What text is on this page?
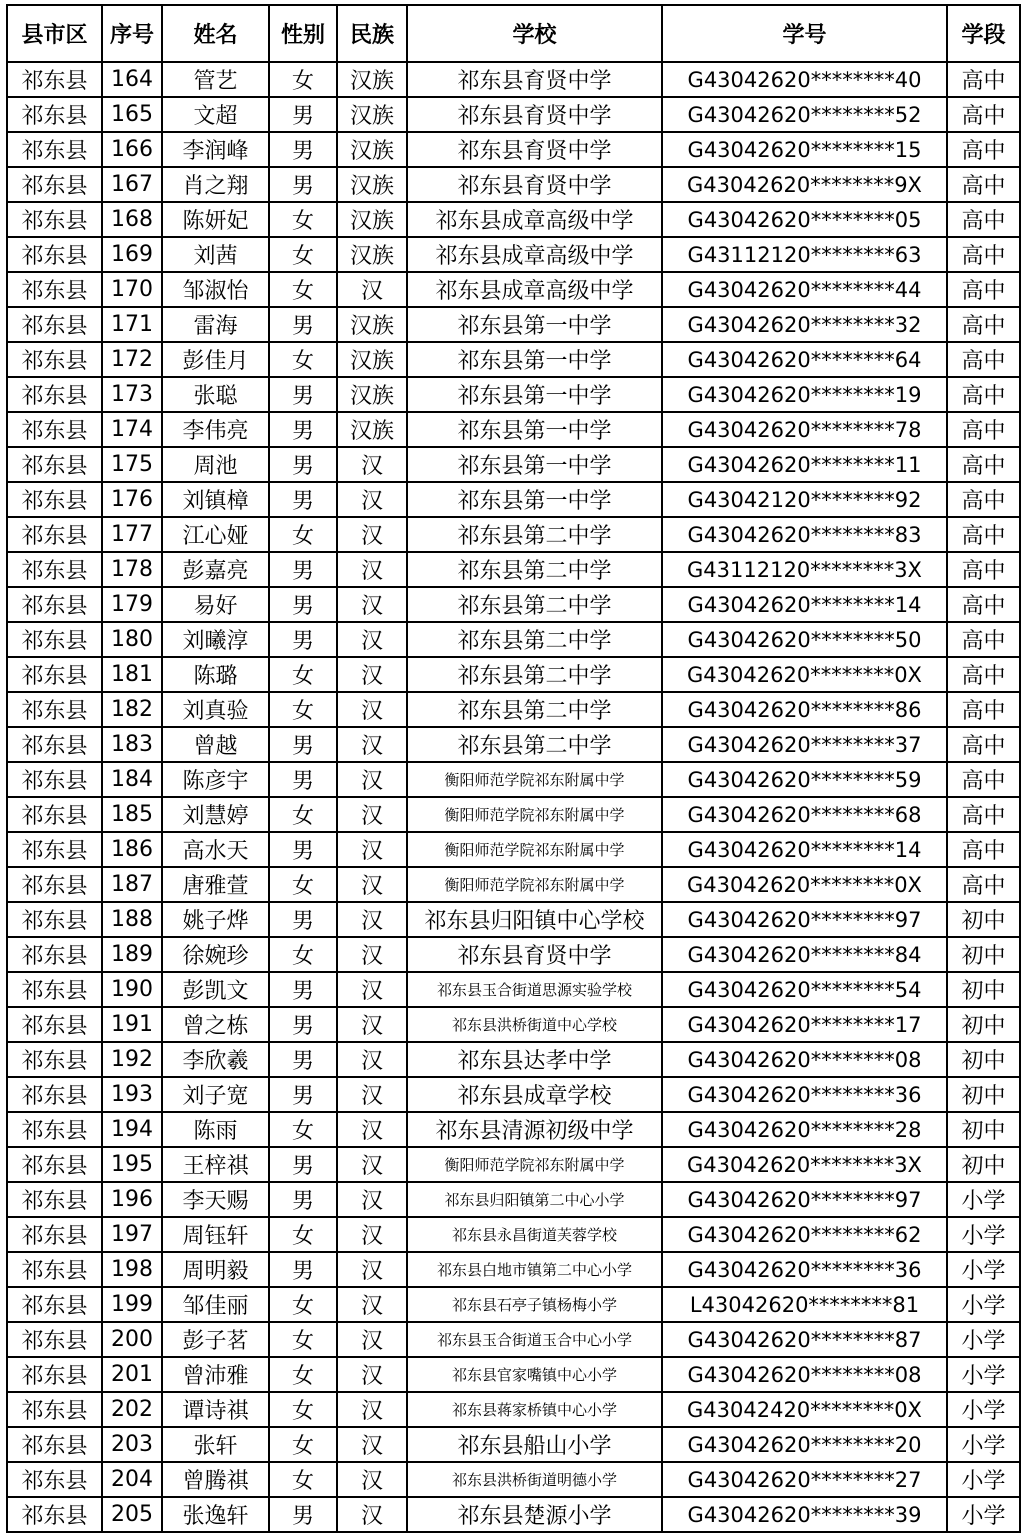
县市区	序号	姓名	性别	民族	学校	学号	学段
祁东县	164	管艺	女	汉族	祁东县育贤中学	G43042620********40	高中
祁东县	165	文超	男	汉族	祁东县育贤中学	G43042620********52	高中
祁东县	166	李润峰	男	汉族	祁东县育贤中学	G43042620********15	高中
祁东县	167	肖之翔	男	汉族	祁东县育贤中学	G43042620********9X	高中
祁东县	168	陈妍妃	女	汉族	祁东县成章高级中学	G43042620********05	高中
祁东县	169	刘茜	女	汉族	祁东县成章高级中学	G43112120********63	高中
祁东县	170	邹淑怡	女	汉	祁东县成章高级中学	G43042620********44	高中
祁东县	171	雷海	男	汉族	祁东县第一中学	G43042620********32	高中
祁东县	172	彭佳月	女	汉族	祁东县第一中学	G43042620********64	高中
祁东县	173	张聪	男	汉族	祁东县第一中学	G43042620********19	高中
祁东县	174	李伟亮	男	汉族	祁东县第一中学	G43042620********78	高中
祁东县	175	周池	男	汉	祁东县第一中学	G43042620********11	高中
祁东县	176	刘镇樟	男	汉	祁东县第一中学	G43042120********92	高中
祁东县	177	江心娅	女	汉	祁东县第二中学	G43042620********83	高中
祁东县	178	彭嘉亮	男	汉	祁东县第二中学	G43112120********3X	高中
祁东县	179	易好	男	汉	祁东县第二中学	G43042620********14	高中
祁东县	180	刘曦淳	男	汉	祁东县第二中学	G43042620********50	高中
祁东县	181	陈璐	女	汉	祁东县第二中学	G43042620********0X	高中
祁东县	182	刘真验	女	汉	祁东县第二中学	G43042620********86	高中
祁东县	183	曾越	男	汉	祁东县第二中学	G43042620********37	高中
祁东县	184	陈彦宇	男	汉	衡阳师范学院祁东附属中学	G43042620********59	高中
祁东县	185	刘慧婷	女	汉	衡阳师范学院祁东附属中学	G43042620********68	高中
祁东县	186	高水天	男	汉	衡阳师范学院祁东附属中学	G43042620********14	高中
祁东县	187	唐雅萱	女	汉	衡阳师范学院祁东附属中学	G43042620********0X	高中
祁东县	188	姚子烨	男	汉	祁东县归阳镇中心学校	G43042620********97	初中
祁东县	189	徐婉珍	女	汉	祁东县育贤中学	G43042620********84	初中
祁东县	190	彭凯文	男	汉	祁东县玉合街道思源实验学校	G43042620********54	初中
祁东县	191	曾之栋	男	汉	祁东县洪桥街道中心学校	G43042620********17	初中
祁东县	192	李欣羲	男	汉	祁东县达孝中学	G43042620********08	初中
祁东县	193	刘子宽	男	汉	祁东县成章学校	G43042620********36	初中
祁东县	194	陈雨	女	汉	祁东县清源初级中学	G43042620********28	初中
祁东县	195	王梓祺	男	汉	衡阳师范学院祁东附属中学	G43042620********3X	初中
祁东县	196	李天赐	男	汉	祁东县归阳镇第二中心小学	G43042620********97	小学
祁东县	197	周钰轩	女	汉	祁东县永昌街道芙蓉学校	G43042620********62	小学
祁东县	198	周明毅	男	汉	祁东县白地市镇第二中心小学	G43042620********36	小学
祁东县	199	邹佳丽	女	汉	祁东县石亭子镇杨梅小学	L43042620********81	小学
祁东县	200	彭子茗	女	汉	祁东县玉合街道玉合中心小学	G43042620********87	小学
祁东县	201	曾沛雅	女	汉	祁东县官家嘴镇中心小学	G43042620********08	小学
祁东县	202	谭诗祺	女	汉	祁东县蒋家桥镇中心小学	G43042420********0X	小学
祁东县	203	张轩	女	汉	祁东县船山小学	G43042620********20	小学
祁东县	204	曾腾祺	女	汉	祁东县洪桥街道明德小学	G43042620********27	小学
祁东县	205	张逸轩	男	汉	祁东县楚源小学	G43042620********39	小学
